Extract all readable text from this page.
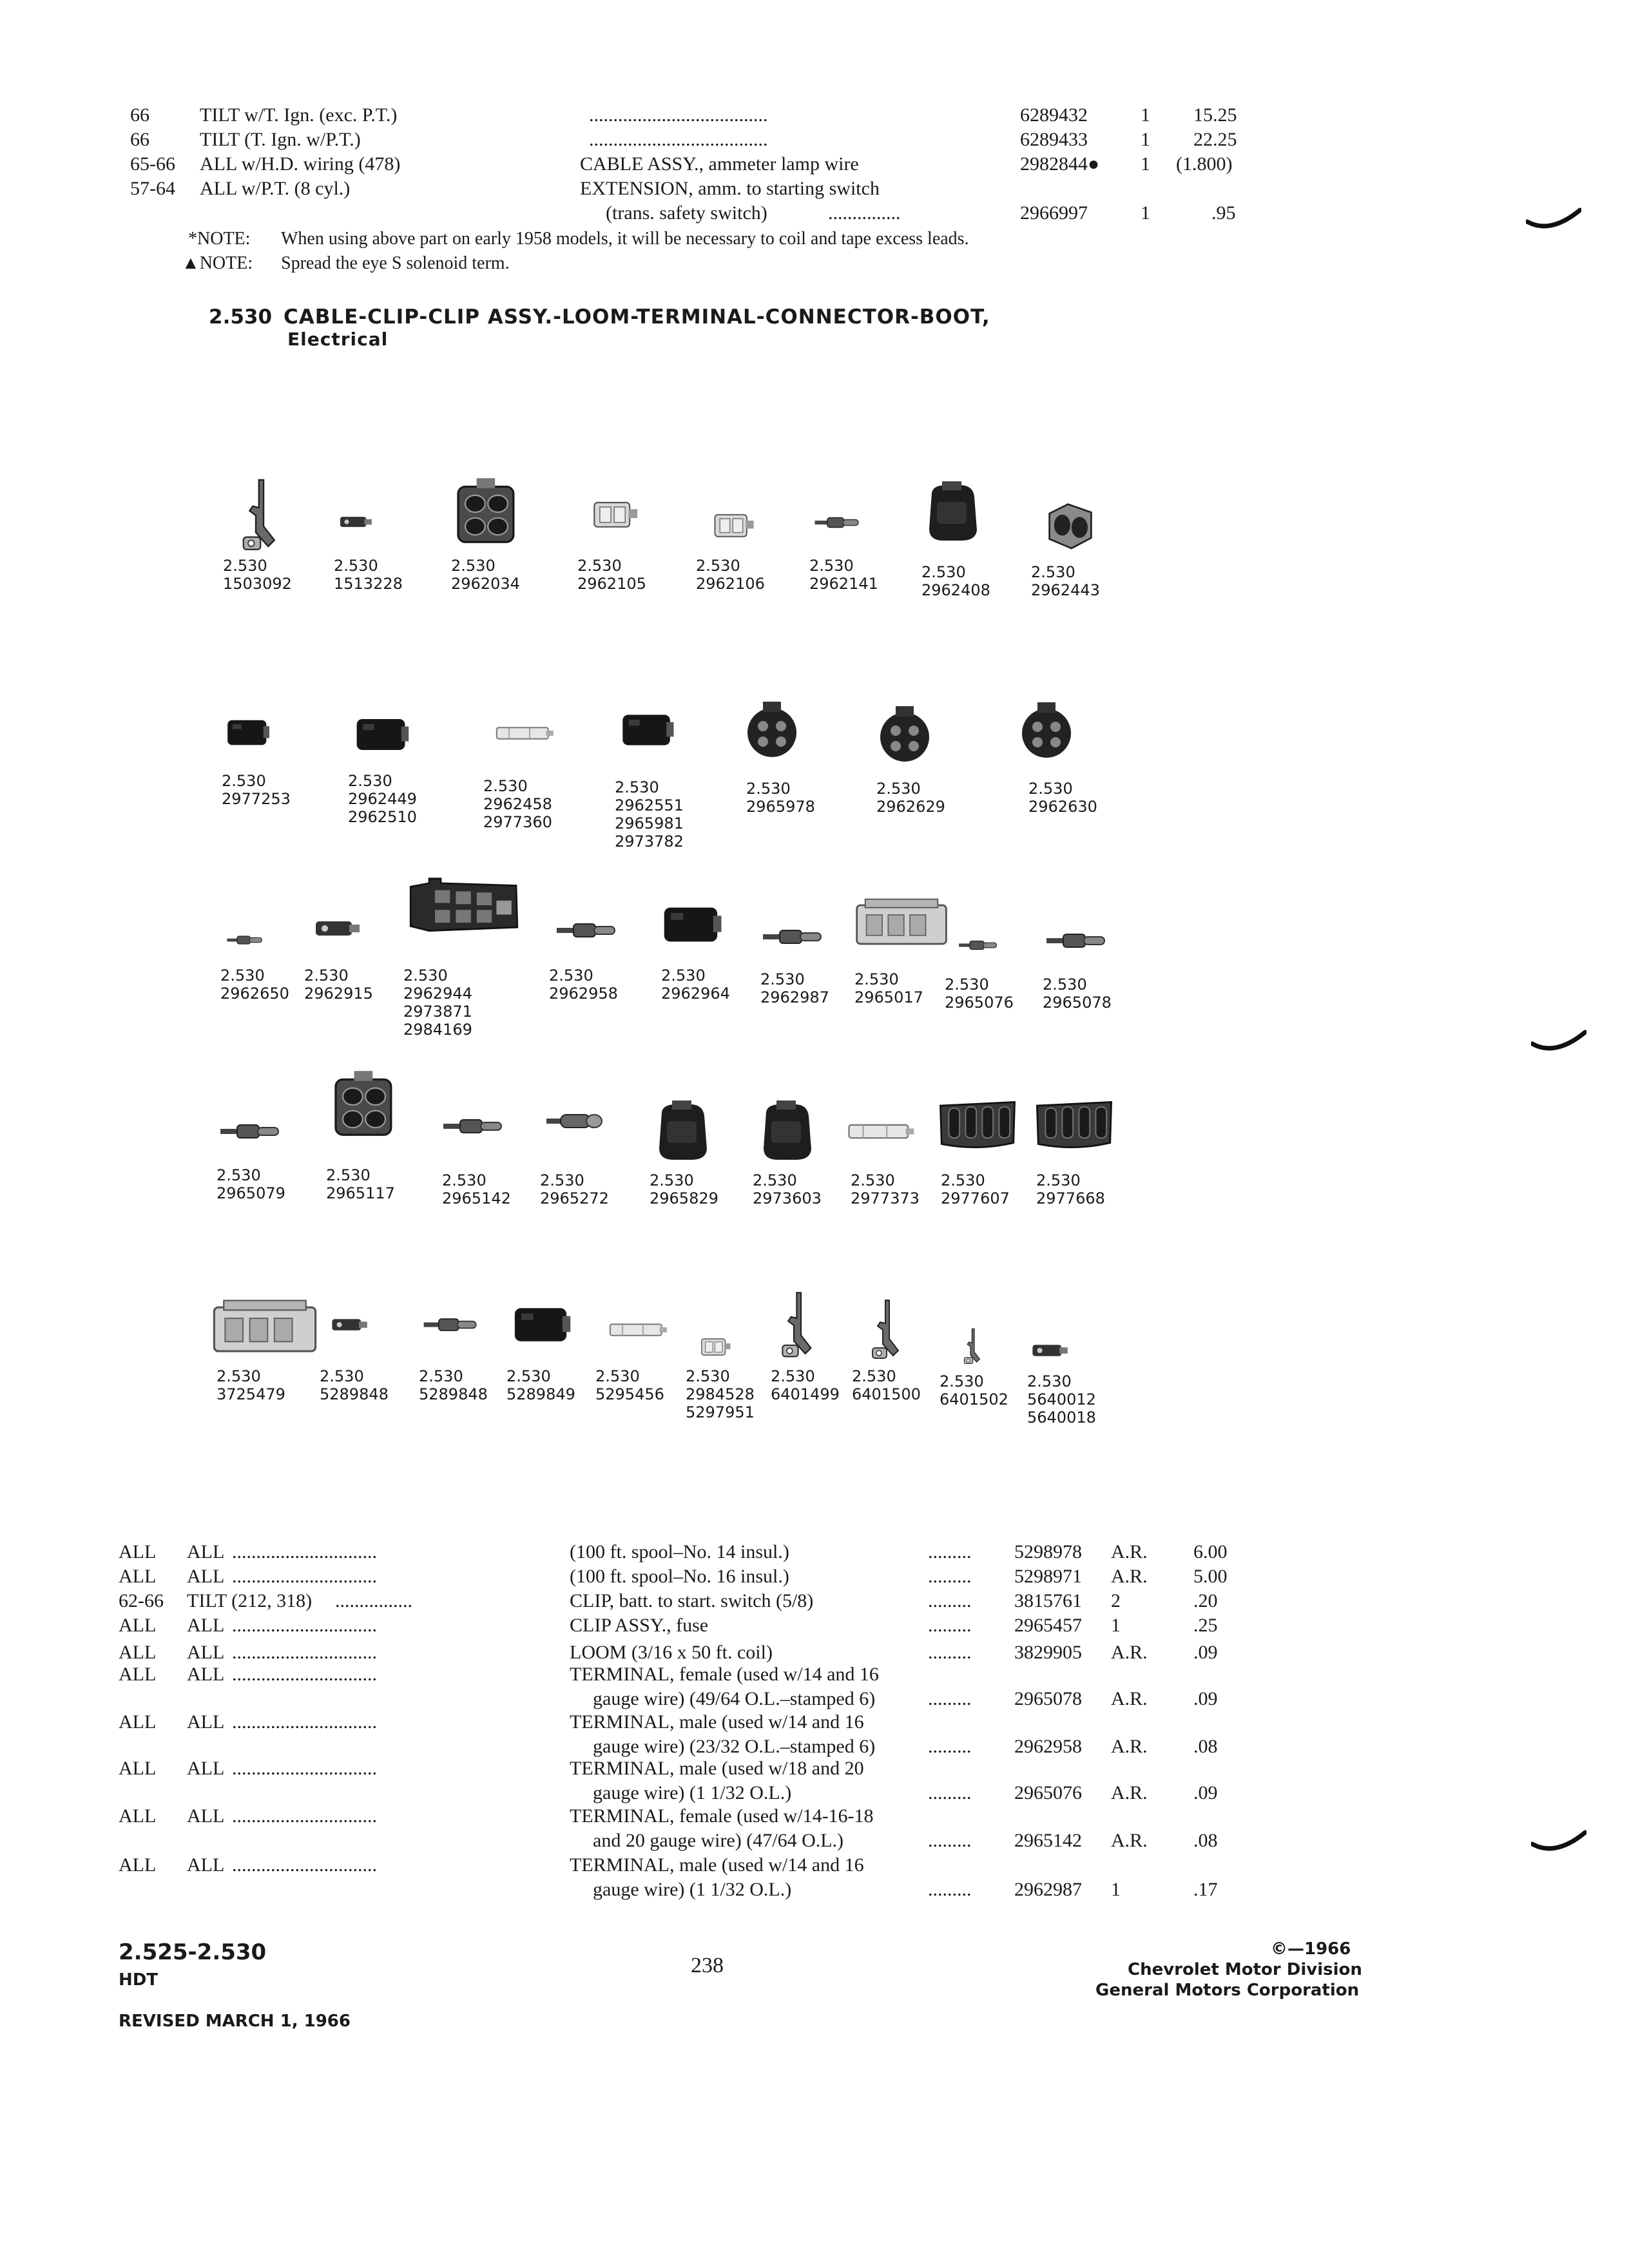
66	TILT w/T. Ign. (exc. P.T.)	.....................................	6289432	1 15.25
66	TILT (T. Ign. w/P.T.)	.....................................	6289433	1 22.25
65-66 ALL w/H.D. wiring (478)	CABLE ASSY., ammeter lamp wire	2982844● 1 (1.800)
57-64 ALL w/P.T. (8 cyl.)	EXTENSION, amm. to starting switch
(trans. safety switch)	...............	2966997	1	.95
*NOTE: When using above part on early 1958 models, it will be necessary to coil and tape excess leads.
▲NOTE: Spread the eye S solenoid term.
2.530 CABLE-CLIP-CLIP ASSY.-LOOM-TERMINAL-CONNECTOR-BOOT,
Electrical
2.530
1503092
2.530
1513228
2.530
2962034
2.530
2962105
2.530
2962106
2.530
2962141
2.530
2962408
2.530
2962443
2.530
2977253
2.530
2962449
2962510
2.530
2962458
2977360
2.530
2962551
2965981
2973782
2.530
2965978
2.530
2962629
2.530
2962630
2.530
2962650
2.530
2962915
2.530
2962944
2973871
2984169
2.530
2962958
2.530
2962964
2.530
2962987
2.530
2965017
2.530
2965076
2.530
2965078
2.530
2965079
2.530
2965117
2.530
2965142
2.530
2965272
2.530
2965829
2.530
2973603
2.530
2977373
2.530
2977607
2.530
2977668
2.530
3725479
2.530
5289848
2.530
5289848
2.530
5289849
2.530
5295456
2.530
2984528
5297951
2.530
6401499
2.530
6401500
2.530
6401502
2.530
5640012
5640018
ALL ALL	(100 ft. spool–No. 14 insul.)	5298978 A.R. 6.00
..............................	.........
ALL ALL	(100 ft. spool–No. 16 insul.)	5298971 A.R. 5.00
..............................	.........
62-66 TILT (212, 318)	CLIP, batt. to start. switch (5/8)	3815761 2	.20
................	.........
ALL ALL	CLIP ASSY., fuse	2965457 1	.25
..............................	.........
ALL ALL	LOOM (3/16 x 50 ft. coil)	3829905 A.R. .09
..............................	.........
ALL ALL	TERMINAL, female (used w/14 and 16
..............................
gauge wire) (49/64 O.L.–stamped 6)	2965078 A.R. .09
.........
ALL ALL	TERMINAL, male (used w/14 and 16
..............................
gauge wire) (23/32 O.L.–stamped 6)	2962958 A.R. .08
.........
ALL ALL	TERMINAL, male (used w/18 and 20
..............................
gauge wire) (1 1/32 O.L.)	2965076 A.R. .09
.........
ALL ALL	TERMINAL, female (used w/14-16-18
..............................
and 20 gauge wire) (47/64 O.L.)	2965142 A.R. .08
.........
ALL ALL	TERMINAL, male (used w/14 and 16
..............................
gauge wire) (1 1/32 O.L.)	2962987 1	.17
.........
2.525-2.530
HDT
238
REVISED MARCH 1, 1966
©—1966
Chevrolet Motor Division
General Motors Corporation
